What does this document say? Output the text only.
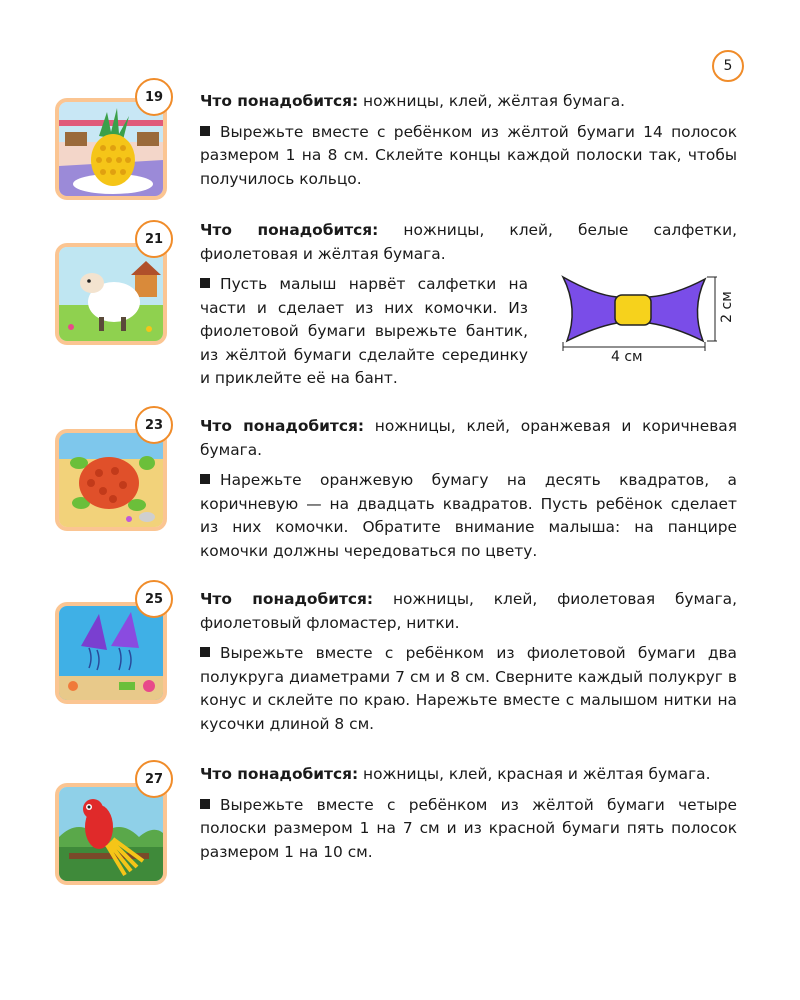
5
19	Что понадобится: ножницы, клей, жёлтая бумага.

Вырежьте вместе с ребёнком из жёлтой бумаги 14 полосок размером 1 на 8 см. Склейте концы каждой полоски так, чтобы получилось кольцо.

21	Что понадобится: ножницы, клей, белые салфетки, фиолетовая и жёлтая бумага.

Пусть малыш нарвёт салфетки на части и сделает из них комочки. Из фиолетовой бумаги вырежьте бантик, из жёлтой бумаги сделайте серединку и приклейте её на бант.

4 см
2 см
23	Что понадобится: ножницы, клей, оранжевая и коричневая бумага.

Нарежьте оранжевую бумагу на десять квадратов, а коричневую — на двадцать квадратов. Пусть ребёнок сделает из них комочки. Обратите внимание малыша: на панцире комочки должны чередоваться по цвету.

25	Что понадобится: ножницы, клей, фиолетовая бумага, фиолетовый фломастер, нитки.

Вырежьте вместе с ребёнком из фиолетовой бумаги два полукруга диаметрами 7 см и 8 см. Сверните каждый полукруг в конус и склейте по краю. Нарежьте вместе с малышом нитки на кусочки длиной 8 см.

27	Что понадобится: ножницы, клей, красная и жёлтая бумага.

Вырежьте вместе с ребёнком из жёлтой бумаги четыре полоски размером 1 на 7 см и из красной бумаги пять полосок размером 1 на 10 см.
